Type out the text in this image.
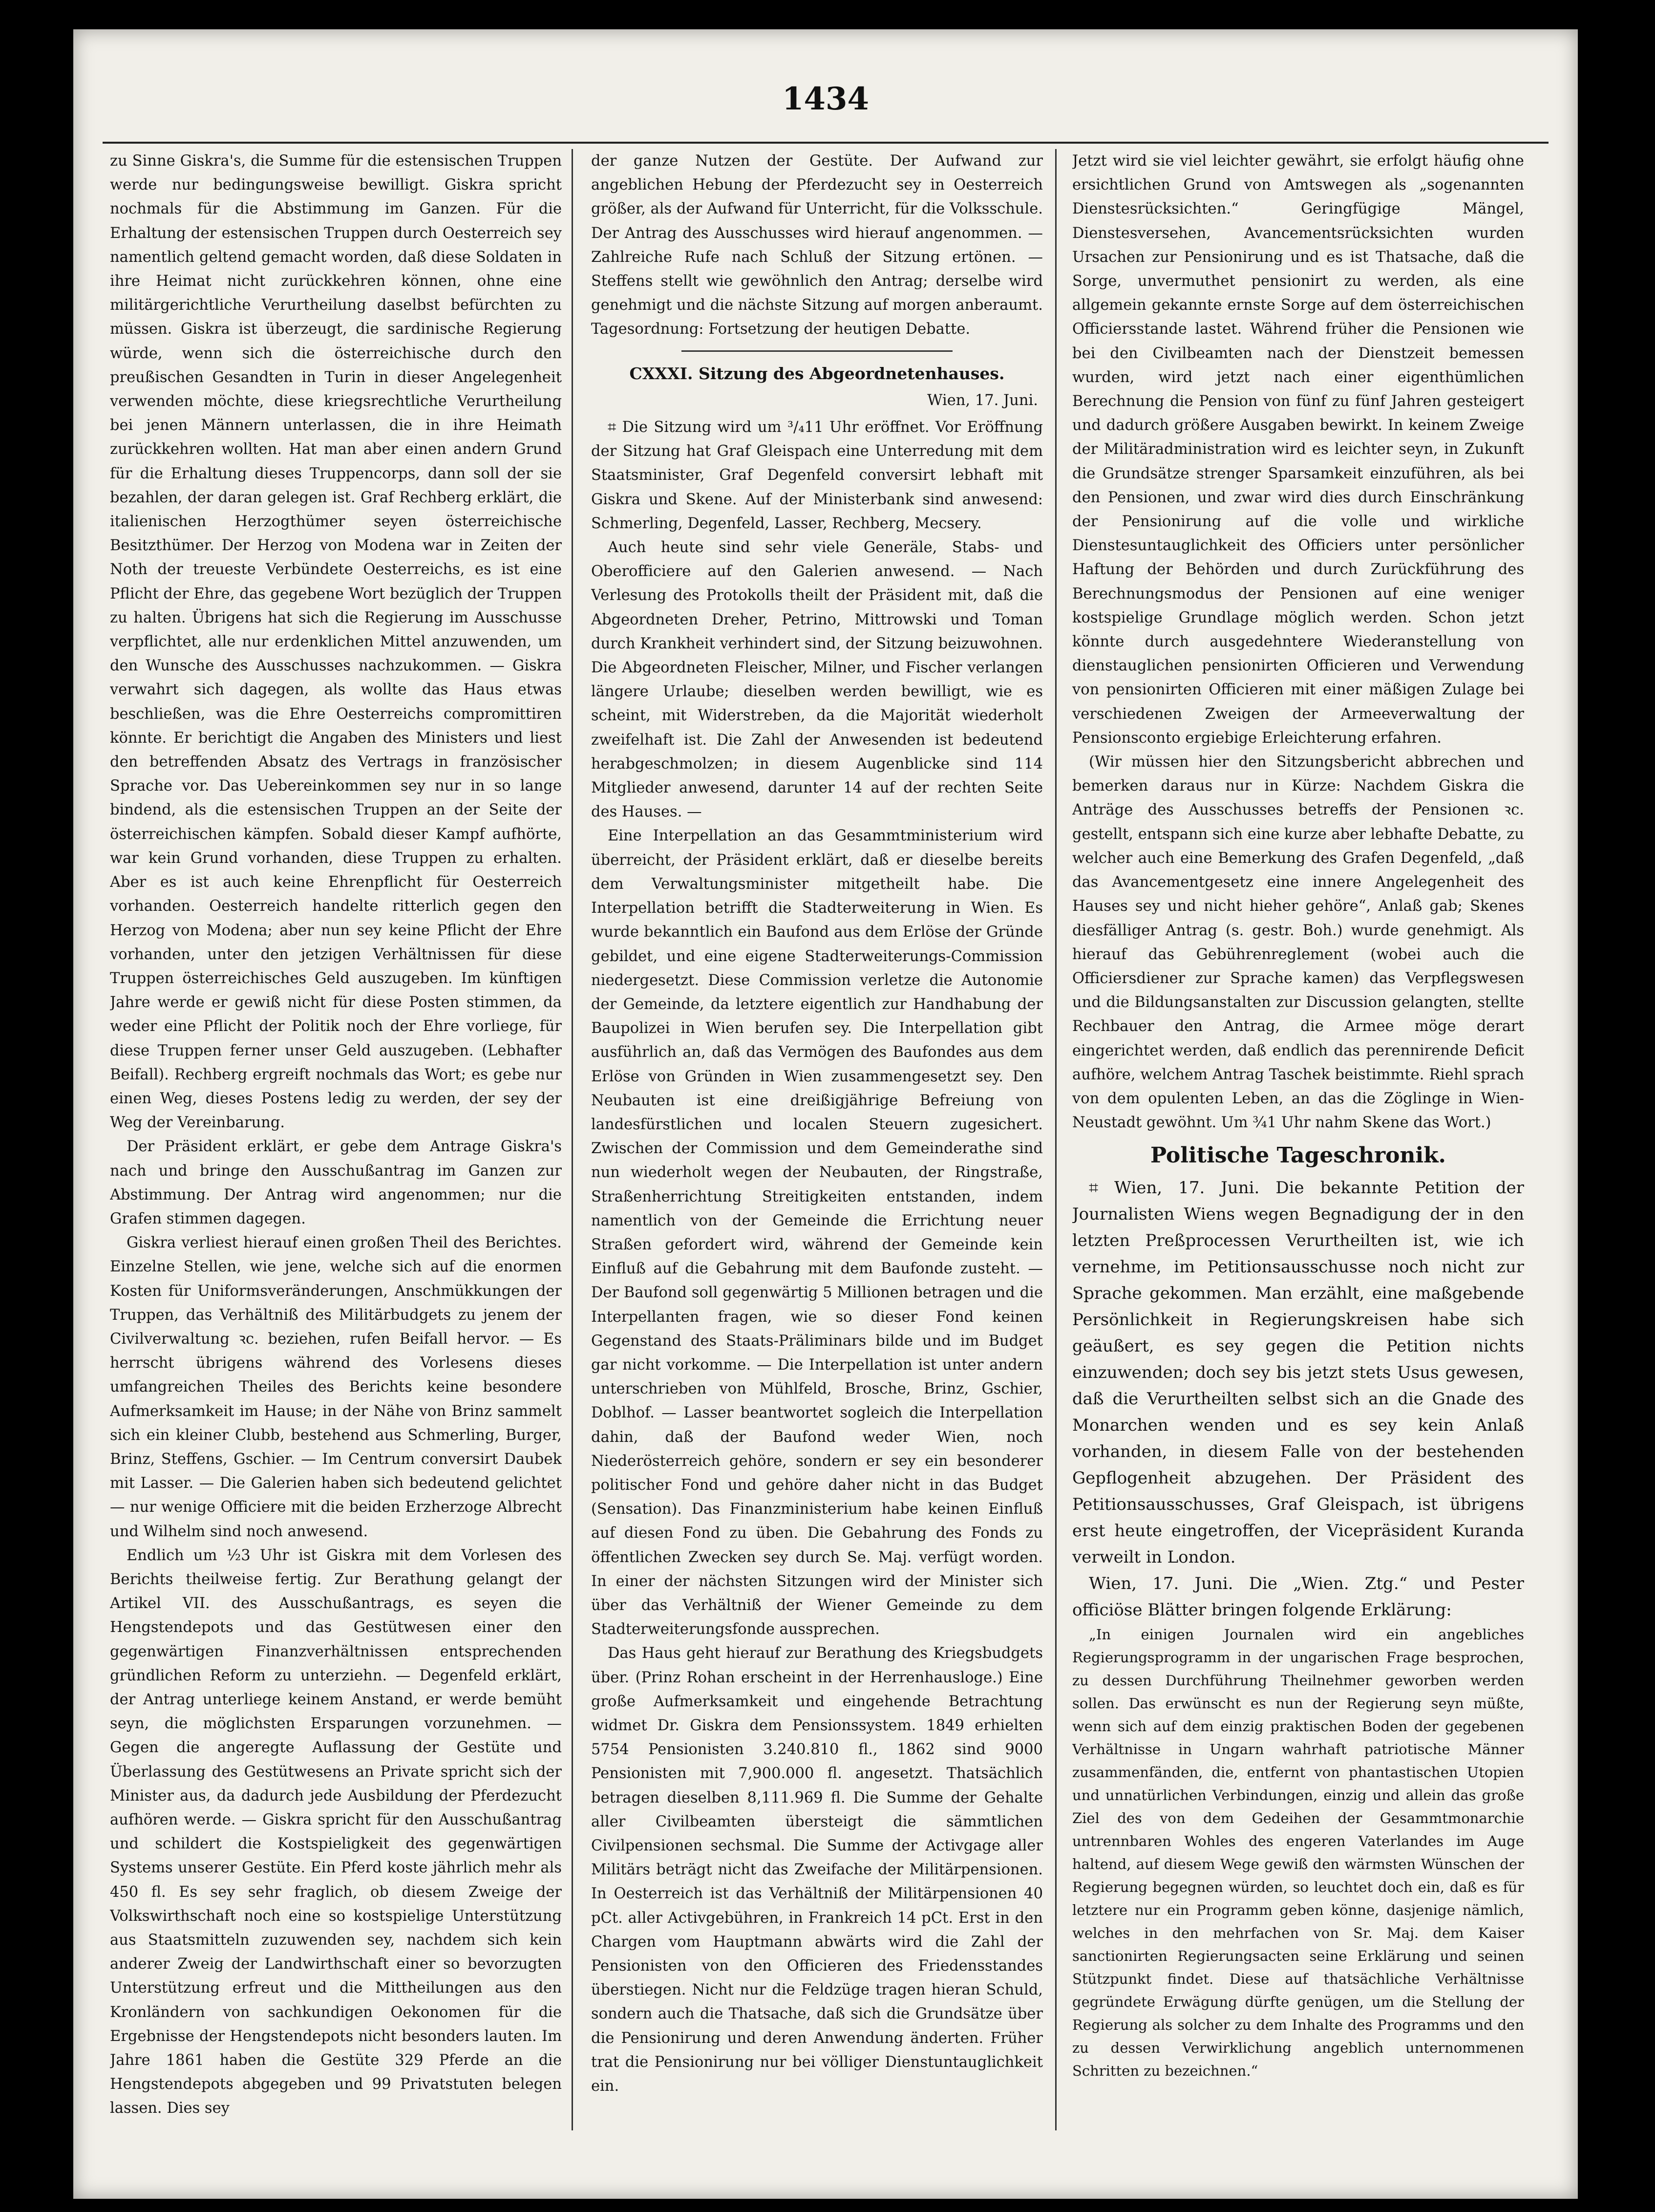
1434

zu Sinne Giskra's, die Summe für die estensischen Truppen werde nur bedingungsweise bewilligt. Giskra spricht nochmals für die Abstimmung im Ganzen. Für die Erhaltung der estensischen Truppen durch Oesterreich sey namentlich geltend gemacht worden, daß diese Soldaten in ihre Heimat nicht zurückkehren können, ohne eine militärgerichtliche Verurtheilung daselbst befürchten zu müssen. Giskra ist überzeugt, die sardinische Regierung würde, wenn sich die österreichische durch den preußischen Gesandten in Turin in dieser Angelegenheit verwenden möchte, diese kriegsrechtliche Verurtheilung bei jenen Männern unterlassen, die in ihre Heimath zurückkehren wollten. Hat man aber einen andern Grund für die Erhaltung dieses Truppencorps, dann soll der sie bezahlen, der daran gelegen ist. Graf Rechberg erklärt, die italienischen Herzogthümer seyen österreichische Besitzthümer. Der Herzog von Modena war in Zeiten der Noth der treueste Verbündete Oesterreichs, es ist eine Pflicht der Ehre, das gegebene Wort bezüglich der Truppen zu halten. Übrigens hat sich die Regierung im Ausschusse verpflichtet, alle nur erdenklichen Mittel anzuwenden, um den Wunsche des Ausschusses nachzukommen. — Giskra verwahrt sich dagegen, als wollte das Haus etwas beschließen, was die Ehre Oesterreichs compromittiren könnte. Er berichtigt die Angaben des Ministers und liest den betreffenden Absatz des Vertrags in französischer Sprache vor. Das Uebereinkommen sey nur in so lange bindend, als die estensischen Truppen an der Seite der österreichischen kämpfen. Sobald dieser Kampf aufhörte, war kein Grund vorhanden, diese Truppen zu erhalten. Aber es ist auch keine Ehrenpflicht für Oesterreich vorhanden. Oesterreich handelte ritterlich gegen den Herzog von Modena; aber nun sey keine Pflicht der Ehre vorhanden, unter den jetzigen Verhältnissen für diese Truppen österreichisches Geld auszugeben. Im künftigen Jahre werde er gewiß nicht für diese Posten stimmen, da weder eine Pflicht der Politik noch der Ehre vorliege, für diese Truppen ferner unser Geld auszugeben. (Lebhafter Beifall). Rechberg ergreift nochmals das Wort; es gebe nur einen Weg, dieses Postens ledig zu werden, der sey der Weg der Vereinbarung.

Der Präsident erklärt, er gebe dem Antrage Giskra's nach und bringe den Ausschußantrag im Ganzen zur Abstimmung. Der Antrag wird angenommen; nur die Grafen stimmen dagegen.

Giskra verliest hierauf einen großen Theil des Berichtes. Einzelne Stellen, wie jene, welche sich auf die enormen Kosten für Uniformsveränderungen, Anschmükkungen der Truppen, das Verhältniß des Militärbudgets zu jenem der Civilverwaltung ꝛc. beziehen, rufen Beifall hervor. — Es herrscht übrigens während des Vorlesens dieses umfangreichen Theiles des Berichts keine besondere Aufmerksamkeit im Hause; in der Nähe von Brinz sammelt sich ein kleiner Clubb, bestehend aus Schmerling, Burger, Brinz, Steffens, Gschier. — Im Centrum conversirt Daubek mit Lasser. — Die Galerien haben sich bedeutend gelichtet — nur wenige Officiere mit die beiden Erzherzoge Albrecht und Wilhelm sind noch anwesend.

Endlich um ½3 Uhr ist Giskra mit dem Vorlesen des Berichts theilweise fertig. Zur Berathung gelangt der Artikel VII. des Ausschußantrags, es seyen die Hengstendepots und das Gestütwesen einer den gegenwärtigen Finanzverhältnissen entsprechenden gründlichen Reform zu unterziehn. — Degenfeld erklärt, der Antrag unterliege keinem Anstand, er werde bemüht seyn, die möglichsten Ersparungen vorzunehmen. — Gegen die angeregte Auflassung der Gestüte und Überlassung des Gestütwesens an Private spricht sich der Minister aus, da dadurch jede Ausbildung der Pferdezucht aufhören werde. — Giskra spricht für den Ausschußantrag und schildert die Kostspieligkeit des gegenwärtigen Systems unserer Gestüte. Ein Pferd koste jährlich mehr als 450 fl. Es sey sehr fraglich, ob diesem Zweige der Volkswirthschaft noch eine so kostspielige Unterstützung aus Staatsmitteln zuzuwenden sey, nachdem sich kein anderer Zweig der Landwirthschaft einer so bevorzugten Unterstützung erfreut und die Mittheilungen aus den Kronländern von sachkundigen Oekonomen für die Ergebnisse der Hengstendepots nicht besonders lauten. Im Jahre 1861 haben die Gestüte 329 Pferde an die Hengstendepots abgegeben und 99 Privatstuten belegen lassen. Dies sey

der ganze Nutzen der Gestüte. Der Aufwand zur angeblichen Hebung der Pferdezucht sey in Oesterreich größer, als der Aufwand für Unterricht, für die Volksschule. Der Antrag des Ausschusses wird hierauf angenommen. — Zahlreiche Rufe nach Schluß der Sitzung ertönen. — Steffens stellt wie gewöhnlich den Antrag; derselbe wird genehmigt und die nächste Sitzung auf morgen anberaumt. Tagesordnung: Fortsetzung der heutigen Debatte.

CXXXI. Sitzung des Abgeordnetenhauses.
Wien, 17. Juni.

⌗ Die Sitzung wird um ³/₄11 Uhr eröffnet. Vor Eröffnung der Sitzung hat Graf Gleispach eine Unterredung mit dem Staatsminister, Graf Degenfeld conversirt lebhaft mit Giskra und Skene. Auf der Ministerbank sind anwesend: Schmerling, Degenfeld, Lasser, Rechberg, Mecsery.

Auch heute sind sehr viele Generäle, Stabs- und Oberofficiere auf den Galerien anwesend. — Nach Verlesung des Protokolls theilt der Präsident mit, daß die Abgeordneten Dreher, Petrino, Mittrowski und Toman durch Krankheit verhindert sind, der Sitzung beizuwohnen. Die Abgeordneten Fleischer, Milner, und Fischer verlangen längere Urlaube; dieselben werden bewilligt, wie es scheint, mit Widerstreben, da die Majorität wiederholt zweifelhaft ist. Die Zahl der Anwesenden ist bedeutend herabgeschmolzen; in diesem Augenblicke sind 114 Mitglieder anwesend, darunter 14 auf der rechten Seite des Hauses. —

Eine Interpellation an das Gesammtministerium wird überreicht, der Präsident erklärt, daß er dieselbe bereits dem Verwaltungsminister mitgetheilt habe. Die Interpellation betrifft die Stadterweiterung in Wien. Es wurde bekanntlich ein Baufond aus dem Erlöse der Gründe gebildet, und eine eigene Stadterweiterungs-Commission niedergesetzt. Diese Commission verletze die Autonomie der Gemeinde, da letztere eigentlich zur Handhabung der Baupolizei in Wien berufen sey. Die Interpellation gibt ausführlich an, daß das Vermögen des Baufondes aus dem Erlöse von Gründen in Wien zusammengesetzt sey. Den Neubauten ist eine dreißigjährige Befreiung von landesfürstlichen und localen Steuern zugesichert. Zwischen der Commission und dem Gemeinderathe sind nun wiederholt wegen der Neubauten, der Ringstraße, Straßenherrichtung Streitigkeiten entstanden, indem namentlich von der Gemeinde die Errichtung neuer Straßen gefordert wird, während der Gemeinde kein Einfluß auf die Gebahrung mit dem Baufonde zusteht. — Der Baufond soll gegenwärtig 5 Millionen betragen und die Interpellanten fragen, wie so dieser Fond keinen Gegenstand des Staats-Präliminars bilde und im Budget gar nicht vorkomme. — Die Interpellation ist unter andern unterschrieben von Mühlfeld, Brosche, Brinz, Gschier, Doblhof. — Lasser beantwortet sogleich die Interpellation dahin, daß der Baufond weder Wien, noch Niederösterreich gehöre, sondern er sey ein besonderer politischer Fond und gehöre daher nicht in das Budget (Sensation). Das Finanzministerium habe keinen Einfluß auf diesen Fond zu üben. Die Gebahrung des Fonds zu öffentlichen Zwecken sey durch Se. Maj. verfügt worden. In einer der nächsten Sitzungen wird der Minister sich über das Verhältniß der Wiener Gemeinde zu dem Stadterweiterungsfonde aussprechen.

Das Haus geht hierauf zur Berathung des Kriegsbudgets über. (Prinz Rohan erscheint in der Herrenhausloge.) Eine große Aufmerksamkeit und eingehende Betrachtung widmet Dr. Giskra dem Pensionssystem. 1849 erhielten 5754 Pensionisten 3.240.810 fl., 1862 sind 9000 Pensionisten mit 7,900.000 fl. angesetzt. Thatsächlich betragen dieselben 8,111.969 fl. Die Summe der Gehalte aller Civilbeamten übersteigt die sämmtlichen Civilpensionen sechsmal. Die Summe der Activgage aller Militärs beträgt nicht das Zweifache der Militärpensionen. In Oesterreich ist das Verhältniß der Militärpensionen 40 pCt. aller Activgebühren, in Frankreich 14 pCt. Erst in den Chargen vom Hauptmann abwärts wird die Zahl der Pensionisten von den Officieren des Friedensstandes überstiegen. Nicht nur die Feldzüge tragen hieran Schuld, sondern auch die Thatsache, daß sich die Grundsätze über die Pensionirung und deren Anwendung änderten. Früher trat die Pensionirung nur bei völliger Dienstuntauglichkeit ein.

Jetzt wird sie viel leichter gewährt, sie erfolgt häufig ohne ersichtlichen Grund von Amtswegen als „sogenannten Dienstesrücksichten.“ Geringfügige Mängel, Dienstesversehen, Avancementsrücksichten wurden Ursachen zur Pensionirung und es ist Thatsache, daß die Sorge, unvermuthet pensionirt zu werden, als eine allgemein gekannte ernste Sorge auf dem österreichischen Officiersstande lastet. Während früher die Pensionen wie bei den Civilbeamten nach der Dienstzeit bemessen wurden, wird jetzt nach einer eigenthümlichen Berechnung die Pension von fünf zu fünf Jahren gesteigert und dadurch größere Ausgaben bewirkt. In keinem Zweige der Militäradministration wird es leichter seyn, in Zukunft die Grundsätze strenger Sparsamkeit einzuführen, als bei den Pensionen, und zwar wird dies durch Einschränkung der Pensionirung auf die volle und wirkliche Dienstesuntauglichkeit des Officiers unter persönlicher Haftung der Behörden und durch Zurückführung des Berechnungsmodus der Pensionen auf eine weniger kostspielige Grundlage möglich werden. Schon jetzt könnte durch ausgedehntere Wiederanstellung von dienstauglichen pensionirten Officieren und Verwendung von pensionirten Officieren mit einer mäßigen Zulage bei verschiedenen Zweigen der Armeeverwaltung der Pensionsconto ergiebige Erleichterung erfahren.

(Wir müssen hier den Sitzungsbericht abbrechen und bemerken daraus nur in Kürze: Nachdem Giskra die Anträge des Ausschusses betreffs der Pensionen ꝛc. gestellt, entspann sich eine kurze aber lebhafte Debatte, zu welcher auch eine Bemerkung des Grafen Degenfeld, „daß das Avancementgesetz eine innere Angelegenheit des Hauses sey und nicht hieher gehöre“, Anlaß gab; Skenes diesfälliger Antrag (s. gestr. Boh.) wurde genehmigt. Als hierauf das Gebührenreglement (wobei auch die Officiersdiener zur Sprache kamen) das Verpflegswesen und die Bildungsanstalten zur Discussion gelangten, stellte Rechbauer den Antrag, die Armee möge derart eingerichtet werden, daß endlich das perennirende Deficit aufhöre, welchem Antrag Taschek beistimmte. Riehl sprach von dem opulenten Leben, an das die Zöglinge in Wien-Neustadt gewöhnt. Um ¾1 Uhr nahm Skene das Wort.)

Politische Tageschronik.

⌗ Wien, 17. Juni. Die bekannte Petition der Journalisten Wiens wegen Begnadigung der in den letzten Preßprocessen Verurtheilten ist, wie ich vernehme, im Petitionsausschusse noch nicht zur Sprache gekommen. Man erzählt, eine maßgebende Persönlichkeit in Regierungskreisen habe sich geäußert, es sey gegen die Petition nichts einzuwenden; doch sey bis jetzt stets Usus gewesen, daß die Verurtheilten selbst sich an die Gnade des Monarchen wenden und es sey kein Anlaß vorhanden, in diesem Falle von der bestehenden Gepflogenheit abzugehen. Der Präsident des Petitionsausschusses, Graf Gleispach, ist übrigens erst heute eingetroffen, der Vicepräsident Kuranda verweilt in London.

Wien, 17. Juni. Die „Wien. Ztg.“ und Pester officiöse Blätter bringen folgende Erklärung:

„In einigen Journalen wird ein angebliches Regierungsprogramm in der ungarischen Frage besprochen, zu dessen Durchführung Theilnehmer geworben werden sollen. Das erwünscht es nun der Regierung seyn müßte, wenn sich auf dem einzig praktischen Boden der gegebenen Verhältnisse in Ungarn wahrhaft patriotische Männer zusammenfänden, die, entfernt von phantastischen Utopien und unnatürlichen Verbindungen, einzig und allein das große Ziel des von dem Gedeihen der Gesammtmonarchie untrennbaren Wohles des engeren Vaterlandes im Auge haltend, auf diesem Wege gewiß den wärmsten Wünschen der Regierung begegnen würden, so leuchtet doch ein, daß es für letztere nur ein Programm geben könne, dasjenige nämlich, welches in den mehrfachen von Sr. Maj. dem Kaiser sanctionirten Regierungsacten seine Erklärung und seinen Stützpunkt findet. Diese auf thatsächliche Verhältnisse gegründete Erwägung dürfte genügen, um die Stellung der Regierung als solcher zu dem Inhalte des Programms und den zu dessen Verwirklichung angeblich unternommenen Schritten zu bezeichnen.“
